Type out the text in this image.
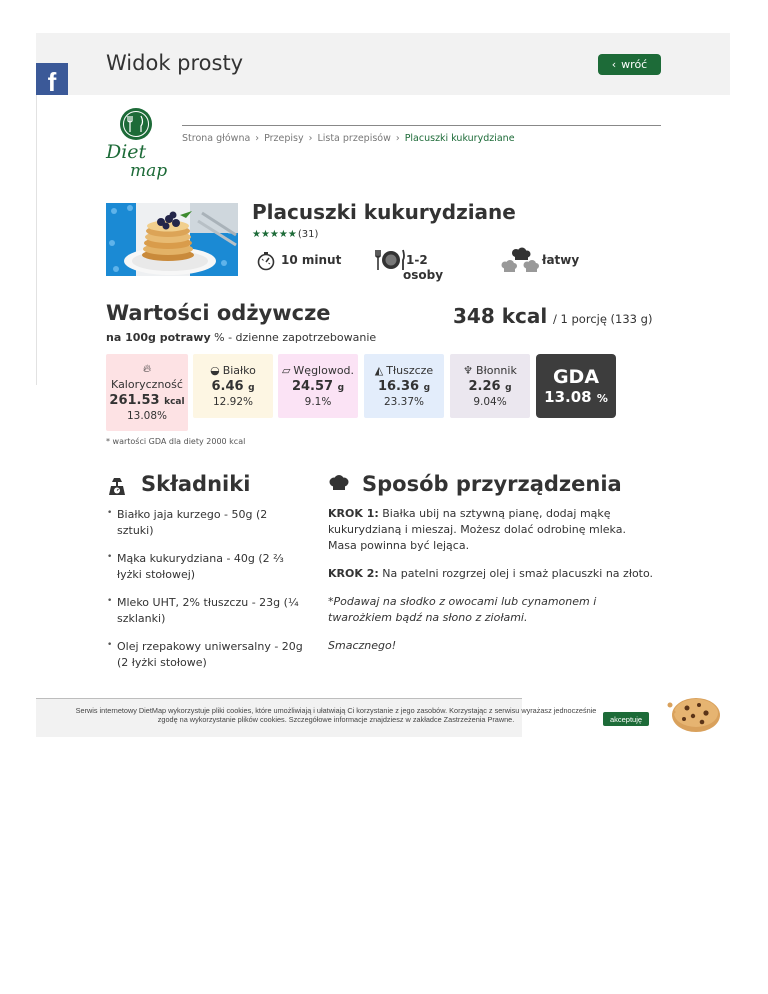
Widok prosty	‹ wróć
f
Diet
map
Strona główna › Przepisy › Lista przepisów › Placuszki kukurydziane
Placuszki kukurydziane
★★★★★ (31)
10 minut	1-2
osoby
łatwy
Wartości odżywcze	348 kcal / 1 porcję (133 g)
na 100g potrawy % - dzienne zapotrzebowanie
🔥︎
Kaloryczność
261.53 kcal
13.08%
◒ Białko
6.46 g
12.92%
▱ Węglowod.
24.57 g
9.1%
◭ Tłuszcze
16.36 g
23.37%
♆ Błonnik
2.26 g
9.04%
GDA
13.08 %
* wartości GDA dla diety 2000 kcal
Składniki
• Białko jaja kurzego - 50g (2 sztuki)
• Mąka kukurydziana - 40g (2 ⅔ łyżki stołowej)
• Mleko UHT, 2% tłuszczu - 23g (¼ szklanki)
• Olej rzepakowy uniwersalny - 20g (2 łyżki stołowe)
Sposób przyrządzenia

KROK 1: Białka ubij na sztywną pianę, dodaj mąkę kukurydzianą i mieszaj. Możesz dolać odrobinę mleka. Masa powinna być lejąca.

KROK 2: Na patelni rozgrzej olej i smaż placuszki na złoto.

*Podawaj na słodko z owocami lub cynamonem i twarożkiem bądź na słono z ziołami.

Smacznego!

Serwis internetowy DietMap wykorzystuje pliki cookies, które umożliwiają i ułatwiają Ci korzystanie z jego zasobów. Korzystając z serwisu wyrażasz jednocześnie
zgodę na wykorzystanie plików cookies. Szczegółowe informacje znajdziesz w zakładce Zastrzeżenia Prawne.	akceptuję
